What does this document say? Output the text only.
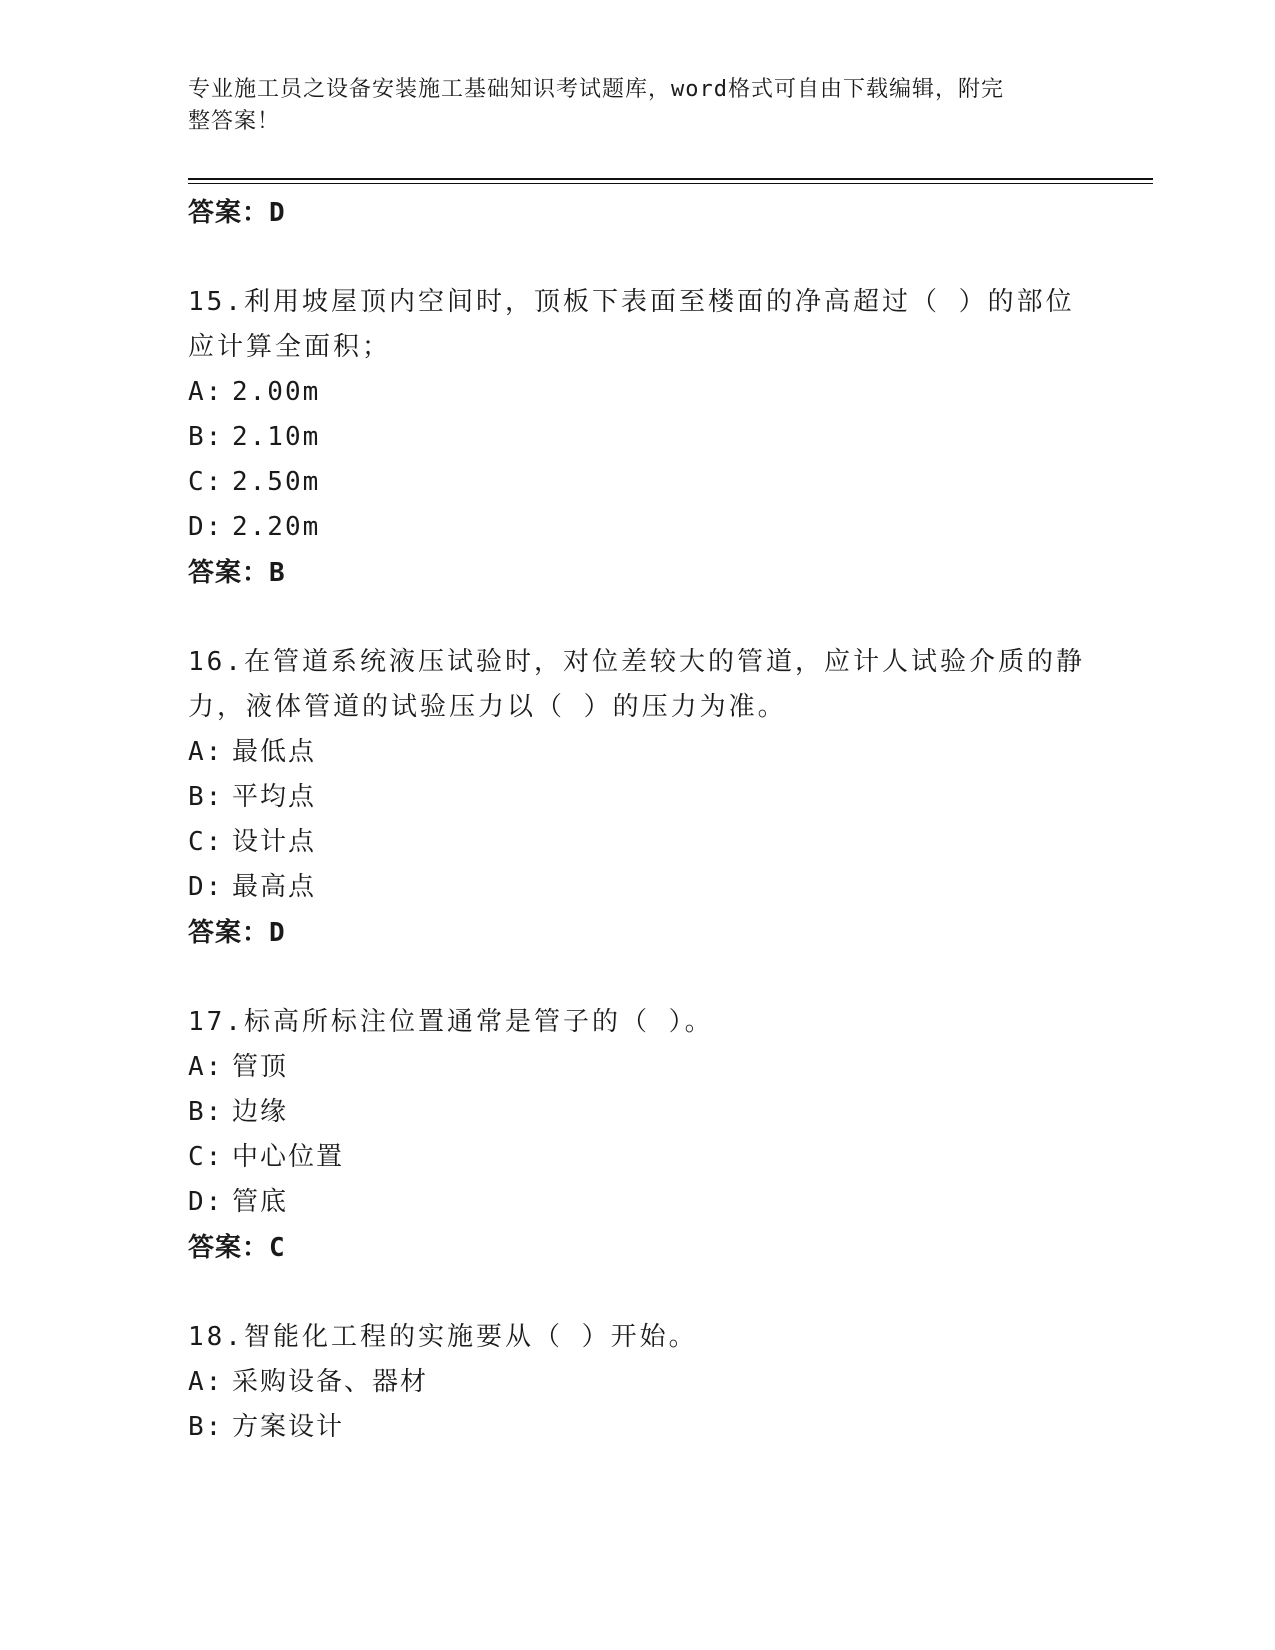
专业施工员之设备安装施工基础知识考试题库，word格式可自由下载编辑，附完
整答案！
答案：D
15.利用坡屋顶内空间时，顶板下表面至楼面的净高超过（ ）的部位
应计算全面积；
A: 2.00m
B: 2.10m
C: 2.50m
D: 2.20m
答案：B
16.在管道系统液压试验时，对位差较大的管道，应计人试验介质的静
力，液体管道的试验压力以（ ）的压力为准。
A: 最低点
B: 平均点
C: 设计点
D: 最高点
答案：D
17.标高所标注位置通常是管子的（ ）。
A: 管顶
B: 边缘
C: 中心位置
D: 管底
答案：C
18.智能化工程的实施要从（ ）开始。
A: 采购设备、器材
B: 方案设计
